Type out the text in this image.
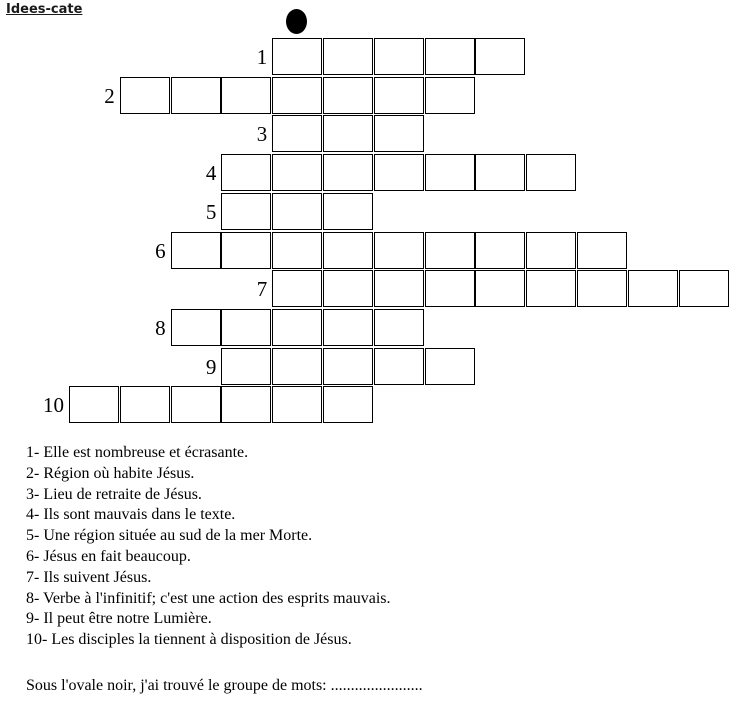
Idees-cate
1
2
3
4
5
6
7
8
9
10
1- Elle est nombreuse et écrasante.
2- Région où habite Jésus.
3- Lieu de retraite de Jésus.
4- Ils sont mauvais dans le texte.
5- Une région située au sud de la mer Morte.
6- Jésus en fait beaucoup.
7- Ils suivent Jésus.
8- Verbe à l'infinitif; c'est une action des esprits mauvais.
9- Il peut être notre Lumière.
10- Les disciples la tiennent à disposition de Jésus.
Sous l'ovale noir, j'ai trouvé le groupe de mots: .......................
